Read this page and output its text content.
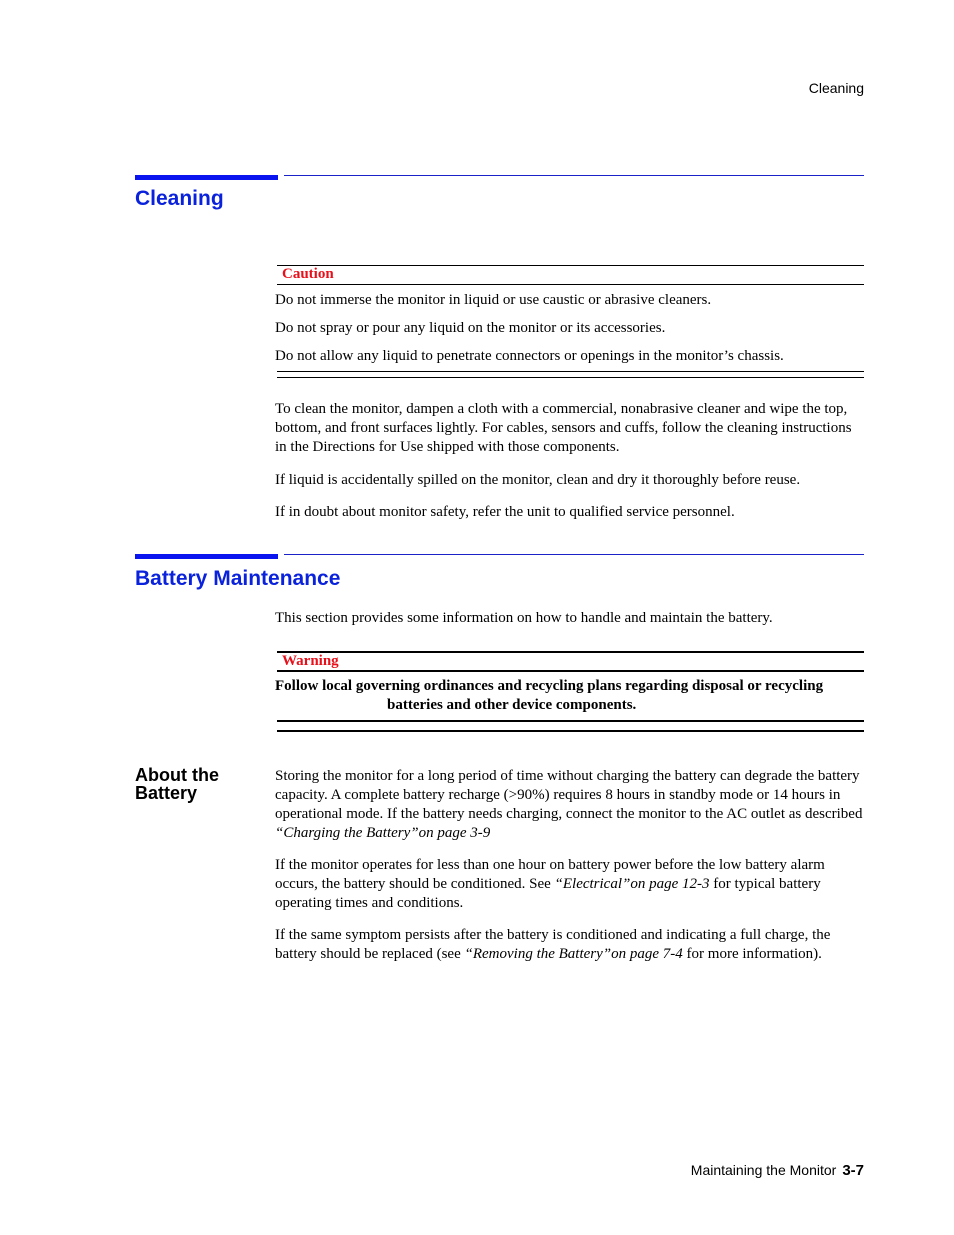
Cleaning
Cleaning
Caution

Do not immerse the monitor in liquid or use caustic or abrasive cleaners.

Do not spray or pour any liquid on the monitor or its accessories.

Do not allow any liquid to penetrate connectors or openings in the monitor’s chassis.

To clean the monitor, dampen a cloth with a commercial, nonabrasive cleaner and wipe the top, bottom, and front surfaces lightly. For cables, sensors and cuffs, follow the cleaning instructions in the Directions for Use shipped with those components.

If liquid is accidentally spilled on the monitor, clean and dry it thoroughly before reuse.

If in doubt about monitor safety, refer the unit to qualified service personnel.

Battery Maintenance

This section provides some information on how to handle and maintain the battery.

Warning

Follow local governing ordinances and recycling plans regarding disposal or recycling
batteries and other device components.

About the Battery

Storing the monitor for a long period of time without charging the battery can degrade the battery capacity. A complete battery recharge (>90%) requires 8 hours in standby mode or 14 hours in operational mode. If the battery needs charging, connect the monitor to the AC outlet as described “Charging the Battery”on page 3-9

If the monitor operates for less than one hour on battery power before the low battery alarm occurs, the battery should be conditioned. See “Electrical”on page 12-3 for typical battery operating times and conditions.

If the same symptom persists after the battery is conditioned and indicating a full charge, the battery should be replaced (see “Removing the Battery”on page 7-4 for more information).

Maintaining the Monitor 3-7
